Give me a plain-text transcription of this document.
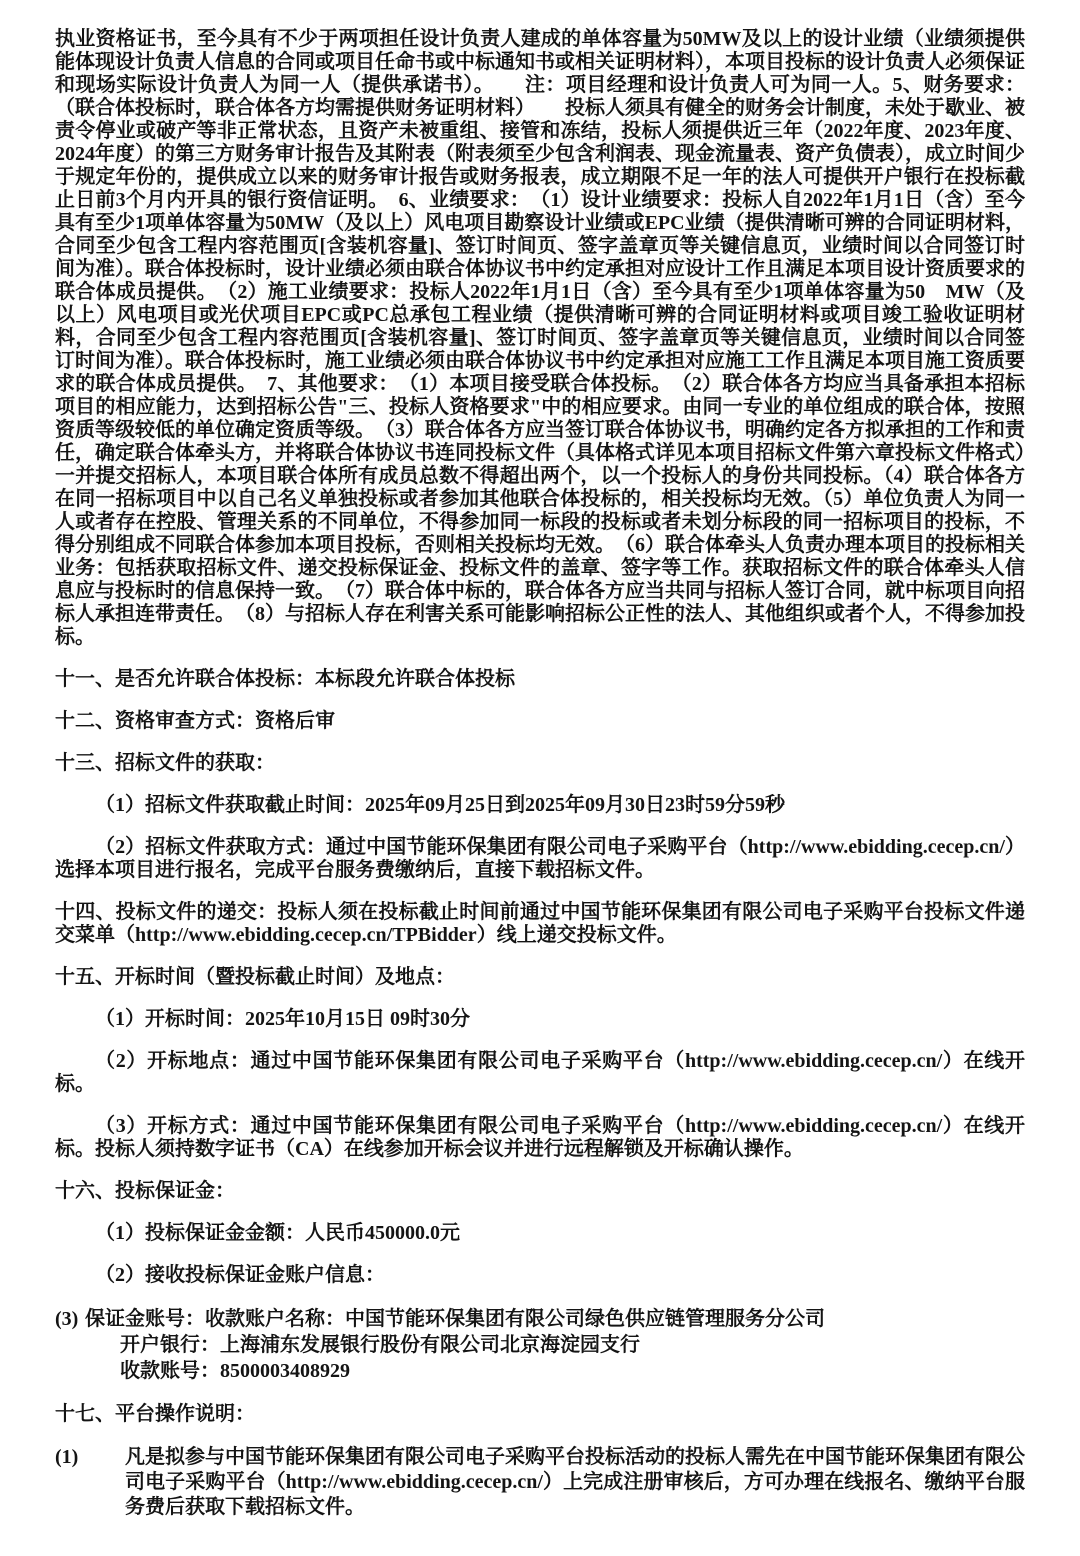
执业资格证书，至今具有不少于两项担任设计负责人建成的单体容量为50MW及以上的设计业绩（业绩须提供能体现设计负责人信息的合同或项目任命书或中标通知书或相关证明材料），本项目投标的设计负责人必须保证和现场实际设计负责人为同一人（提供承诺书）。　　注：项目经理和设计负责人可为同一人。5、财务要求：（联合体投标时，联合体各方均需提供财务证明材料）　　投标人须具有健全的财务会计制度，未处于歇业、被责令停业或破产等非正常状态，且资产未被重组、接管和冻结，投标人须提供近三年（2022年度、2023年度、2024年度）的第三方财务审计报告及其附表（附表须至少包含利润表、现金流量表、资产负债表），成立时间少于规定年份的，提供成立以来的财务审计报告或财务报表，成立期限不足一年的法人可提供开户银行在投标截止日前3个月内开具的银行资信证明。　6、业绩要求：　（1）设计业绩要求：投标人自2022年1月1日（含）至今具有至少1项单体容量为50MW（及以上）风电项目勘察设计业绩或EPC业绩（提供清晰可辨的合同证明材料，合同至少包含工程内容范围页[含装机容量]、签订时间页、签字盖章页等关键信息页，业绩时间以合同签订时间为准）。联合体投标时，设计业绩必须由联合体协议书中约定承担对应设计工作且满足本项目设计资质要求的联合体成员提供。　（2）施工业绩要求：投标人2022年1月1日（含）至今具有至少1项单体容量为50　MW（及以上）风电项目或光伏项目EPC或PC总承包工程业绩（提供清晰可辨的合同证明材料或项目竣工验收证明材料，合同至少包含工程内容范围页[含装机容量]、签订时间页、签字盖章页等关键信息页，业绩时间以合同签订时间为准）。联合体投标时，施工业绩必须由联合体协议书中约定承担对应施工工作且满足本项目施工资质要求的联合体成员提供。　7、其他要求：　（1）本项目接受联合体投标。　（2）联合体各方均应当具备承担本招标项目的相应能力，达到招标公告"三、投标人资格要求"中的相应要求。由同一专业的单位组成的联合体，按照资质等级较低的单位确定资质等级。　（3）联合体各方应当签订联合体协议书，明确约定各方拟承担的工作和责任，确定联合体牵头方，并将联合体协议书连同投标文件（具体格式详见本项目招标文件第六章投标文件格式）一并提交招标人，本项目联合体所有成员总数不得超出两个，以一个投标人的身份共同投标。（4）联合体各方在同一招标项目中以自己名义单独投标或者参加其他联合体投标的，相关投标均无效。（5）单位负责人为同一人或者存在控股、管理关系的不同单位，不得参加同一标段的投标或者未划分标段的同一招标项目的投标，不得分别组成不同联合体参加本项目投标，否则相关投标均无效。　（6）联合体牵头人负责办理本项目的投标相关业务：包括获取招标文件、递交投标保证金、投标文件的盖章、签字等工作。获取招标文件的联合体牵头人信息应与投标时的信息保持一致。　（7）联合体中标的，联合体各方应当共同与招标人签订合同，就中标项目向招标人承担连带责任。　（8）与招标人存在利害关系可能影响招标公正性的法人、其他组织或者个人，不得参加投标。

十一、是否允许联合体投标：本标段允许联合体投标

十二、资格审查方式：资格后审

十三、招标文件的获取：

（1）招标文件获取截止时间：2025年09月25日到2025年09月30日23时59分59秒

（2）招标文件获取方式：通过中国节能环保集团有限公司电子采购平台（http://www.ebidding.cecep.cn/）选择本项目进行报名，完成平台服务费缴纳后，直接下载招标文件。

十四、投标文件的递交：投标人须在投标截止时间前通过中国节能环保集团有限公司电子采购平台投标文件递交菜单（http://www.ebidding.cecep.cn/TPBidder）线上递交投标文件。

十五、开标时间（暨投标截止时间）及地点：

（1）开标时间：2025年10月15日 09时30分

（2）开标地点：通过中国节能环保集团有限公司电子采购平台（http://www.ebidding.cecep.cn/）在线开标。

（3）开标方式：通过中国节能环保集团有限公司电子采购平台（http://www.ebidding.cecep.cn/）在线开标。投标人须持数字证书（CA）在线参加开标会议并进行远程解锁及开标确认操作。

十六、投标保证金：

（1）投标保证金金额：人民币450000.0元

（2）接收投标保证金账户信息：

(3) 保证金账号：收款账户名称：中国节能环保集团有限公司绿色供应链管理服务分公司
开户银行：上海浦东发展银行股份有限公司北京海淀园支行
收款账号：8500003408929

十七、平台操作说明：

(1) 凡是拟参与中国节能环保集团有限公司电子采购平台投标活动的投标人需先在中国节能环保集团有限公司电子采购平台（http://www.ebidding.cecep.cn/）上完成注册审核后，方可办理在线报名、缴纳平台服务费后获取下载招标文件。
